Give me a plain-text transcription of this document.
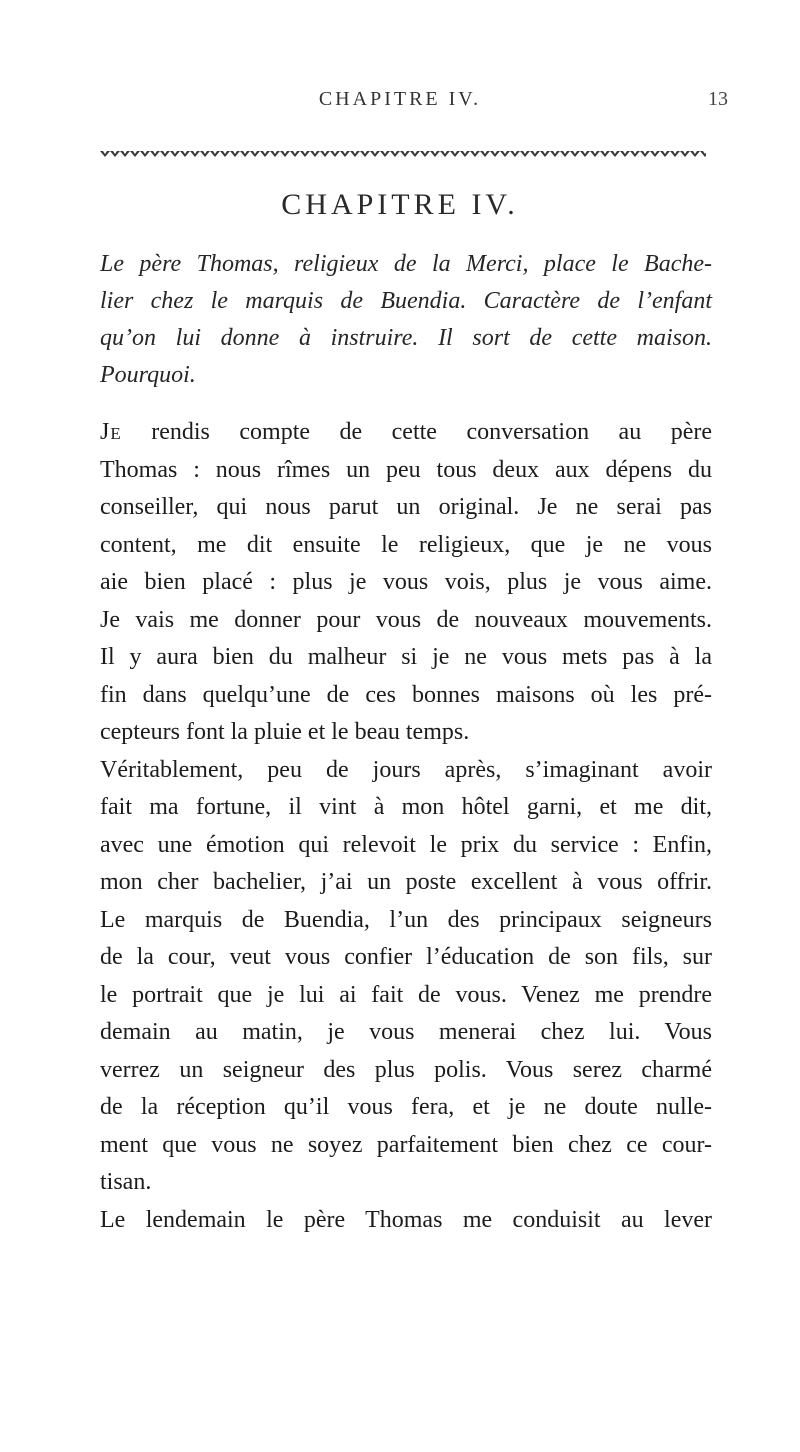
CHAPITRE IV.	13
CHAPITRE IV.
Le père Thomas, religieux de la Merci, place le Bache-
lier chez le marquis de Buendia. Caractère de l’enfant
qu’on lui donne à instruire. Il sort de cette maison.
Pourquoi.
Je rendis compte de cette conversation au père
Thomas : nous rîmes un peu tous deux aux dépens du
conseiller, qui nous parut un original. Je ne serai pas
content, me dit ensuite le religieux, que je ne vous
aie bien placé : plus je vous vois, plus je vous aime.
Je vais me donner pour vous de nouveaux mouvements.
Il y aura bien du malheur si je ne vous mets pas à la
fin dans quelqu’une de ces bonnes maisons où les pré-
cepteurs font la pluie et le beau temps.
Véritablement, peu de jours après, s’imaginant avoir
fait ma fortune, il vint à mon hôtel garni, et me dit,
avec une émotion qui relevoit le prix du service : Enfin,
mon cher bachelier, j’ai un poste excellent à vous offrir.
Le marquis de Buendia, l’un des principaux seigneurs
de la cour, veut vous confier l’éducation de son fils, sur
le portrait que je lui ai fait de vous. Venez me prendre
demain au matin, je vous menerai chez lui. Vous
verrez un seigneur des plus polis. Vous serez charmé
de la réception qu’il vous fera, et je ne doute nulle-
ment que vous ne soyez parfaitement bien chez ce cour-
tisan.
Le lendemain le père Thomas me conduisit au lever
